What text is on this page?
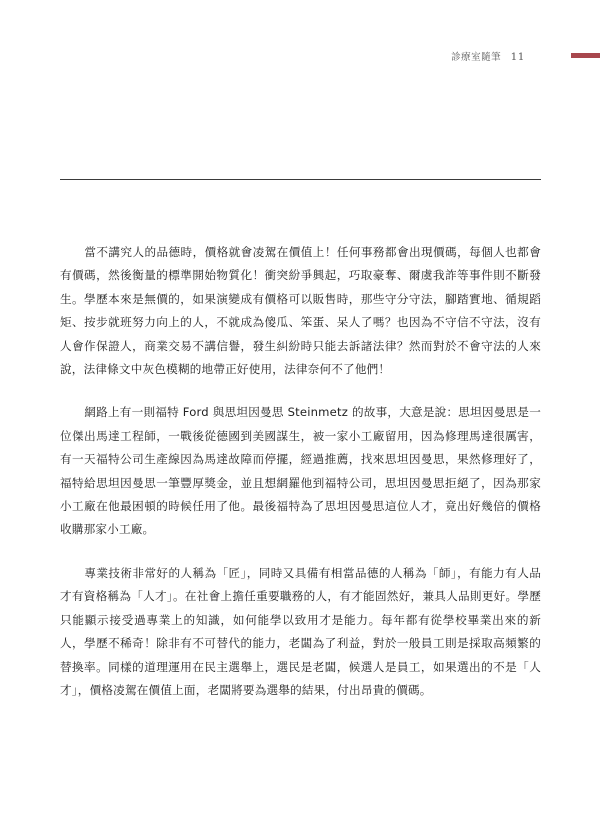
診療室隨筆 11

當不講究人的品德時，價格就會凌駕在價值上！任何事務都會出現價碼，每個人也都會有價碼，然後衡量的標準開始物質化！衝突紛爭興起，巧取豪奪、爾虞我詐等事件則不斷發生。學歷本來是無價的，如果演變成有價格可以販售時，那些守分守法，腳踏實地、循規蹈矩、按步就班努力向上的人，不就成為傻瓜、笨蛋、呆人了嗎？也因為不守信不守法，沒有人會作保證人，商業交易不講信譽，發生糾紛時只能去訴諸法律？然而對於不會守法的人來說，法律條文中灰色模糊的地帶正好使用，法律奈何不了他們！

網路上有一則福特 Ford 與思坦因曼思 Steinmetz 的故事，大意是說：思坦因曼思是一位傑出馬達工程師，一戰後從德國到美國謀生，被一家小工廠留用，因為修理馬達很厲害，有一天福特公司生產線因為馬達故障而停擺，經過推薦，找來思坦因曼思，果然修理好了，福特給思坦因曼思一筆豐厚獎金，並且想網羅他到福特公司，思坦因曼思拒絕了，因為那家小工廠在他最困頓的時候任用了他。最後福特為了思坦因曼思這位人才，竟出好幾倍的價格收購那家小工廠。

專業技術非常好的人稱為「匠」，同時又具備有相當品德的人稱為「師」，有能力有人品才有資格稱為「人才」。在社會上擔任重要職務的人，有才能固然好，兼具人品則更好。學歷只能顯示接受過專業上的知識，如何能學以致用才是能力。每年都有從學校畢業出來的新人，學歷不稀奇！除非有不可替代的能力，老闆為了利益，對於一般員工則是採取高頻繁的替換率。同樣的道理運用在民主選舉上，選民是老闆，候選人是員工，如果選出的不是「人才」，價格凌駕在價值上面，老闆將要為選舉的結果，付出昂貴的價碼。
